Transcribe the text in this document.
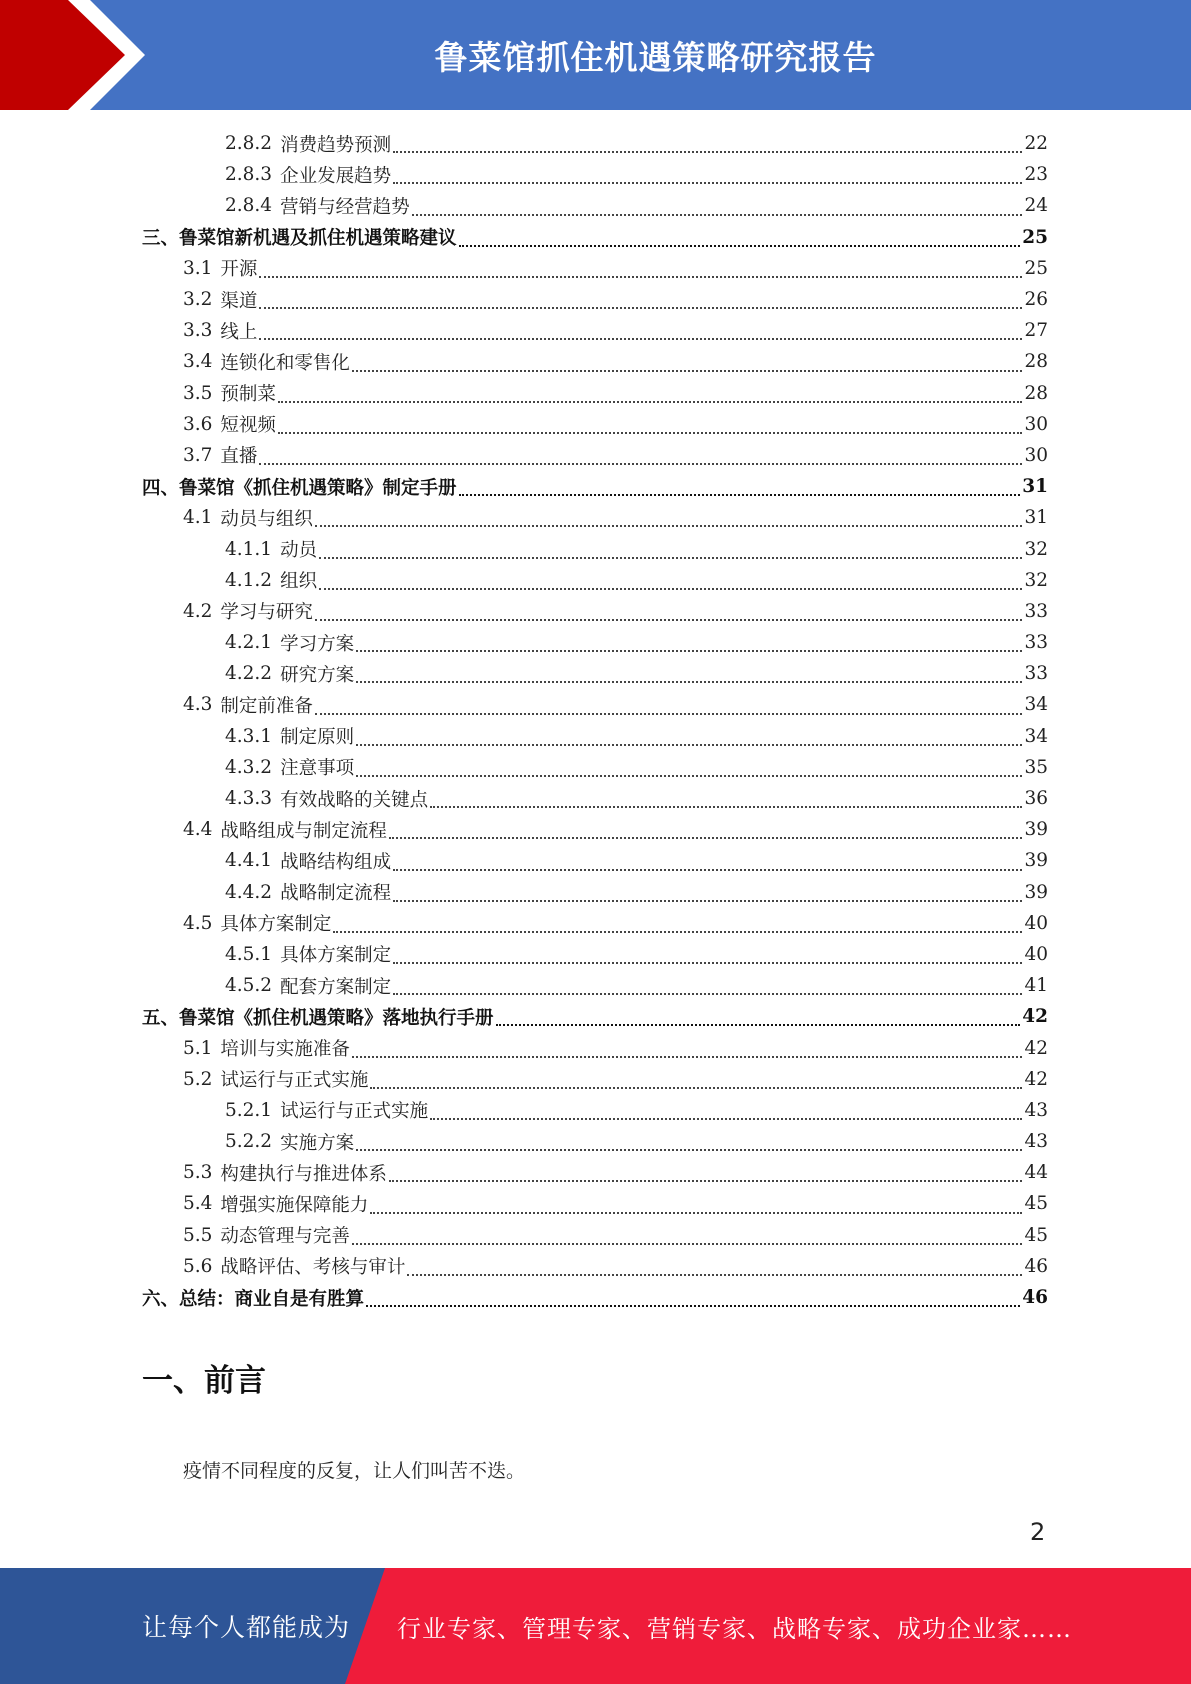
鲁菜馆抓住机遇策略研究报告
2.8.2 消费趋势预测	22
2.8.3 企业发展趋势	23
2.8.4 营销与经营趋势	24
三、鲁菜馆新机遇及抓住机遇策略建议	25
3.1 开源	25
3.2 渠道	26
3.3 线上	27
3.4 连锁化和零售化	28
3.5 预制菜	28
3.6 短视频	30
3.7 直播	30
四、鲁菜馆《抓住机遇策略》制定手册	31
4.1 动员与组织	31
4.1.1 动员	32
4.1.2 组织	32
4.2 学习与研究	33
4.2.1 学习方案	33
4.2.2 研究方案	33
4.3 制定前准备	34
4.3.1 制定原则	34
4.3.2 注意事项	35
4.3.3 有效战略的关键点	36
4.4 战略组成与制定流程	39
4.4.1 战略结构组成	39
4.4.2 战略制定流程	39
4.5 具体方案制定	40
4.5.1 具体方案制定	40
4.5.2 配套方案制定	41
五、鲁菜馆《抓住机遇策略》落地执行手册	42
5.1 培训与实施准备	42
5.2 试运行与正式实施	42
5.2.1 试运行与正式实施	43
5.2.2 实施方案	43
5.3 构建执行与推进体系	44
5.4 增强实施保障能力	45
5.5 动态管理与完善	45
5.6 战略评估、考核与审计	46
六、总结：商业自是有胜算	46
一、前言
疫情不同程度的反复，让人们叫苦不迭。
2
让每个人都能成为 行业专家、管理专家、营销专家、战略专家、成功企业家……
